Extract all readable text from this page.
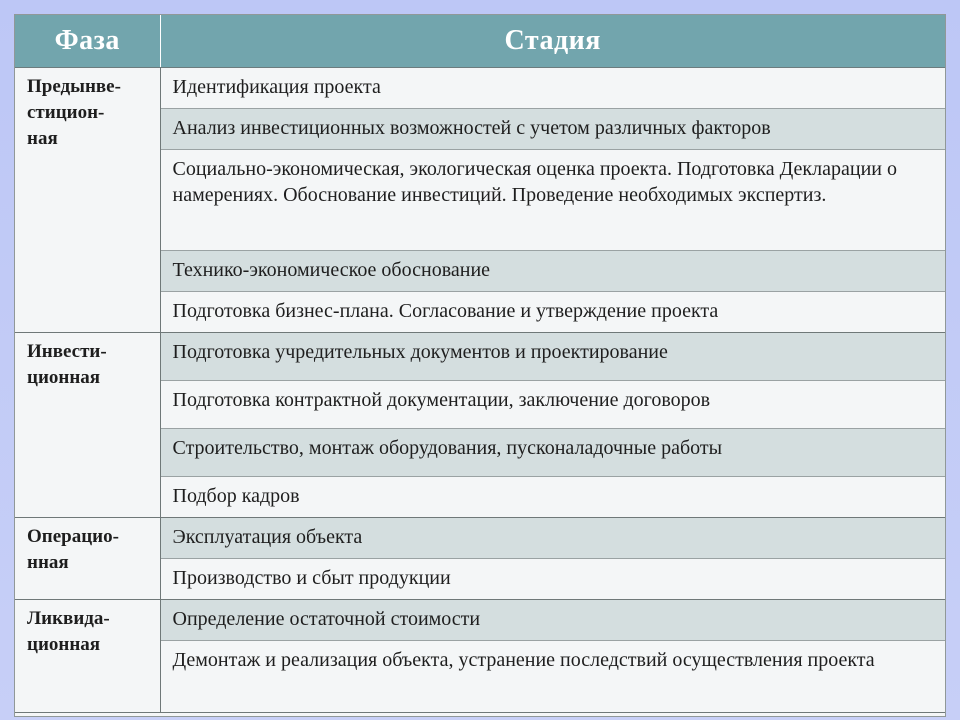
Фаза	Стадия
Предынве-
стицион-
ная	Идентификация проекта
	Анализ инвестиционных возможностей с учетом различных факторов
	Социально-экономическая, экологическая оценка проекта. Подготовка Декларации о намерениях. Обоснование инвестиций. Проведение необходимых экспертиз.
	Технико-экономическое обоснование
	Подготовка бизнес-плана. Согласование и утверждение проекта
Инвести-
ционная	Подготовка учредительных документов и проектирование
	Подготовка контрактной документации, заключение договоров
	Строительство, монтаж оборудования, пусконаладочные работы
	Подбор кадров
Операцио-
нная	Эксплуатация объекта
	Производство и сбыт продукции
Ликвида-
ционная	Определение остаточной стоимости
	Демонтаж и реализация объекта, устранение последствий осуществления проекта
